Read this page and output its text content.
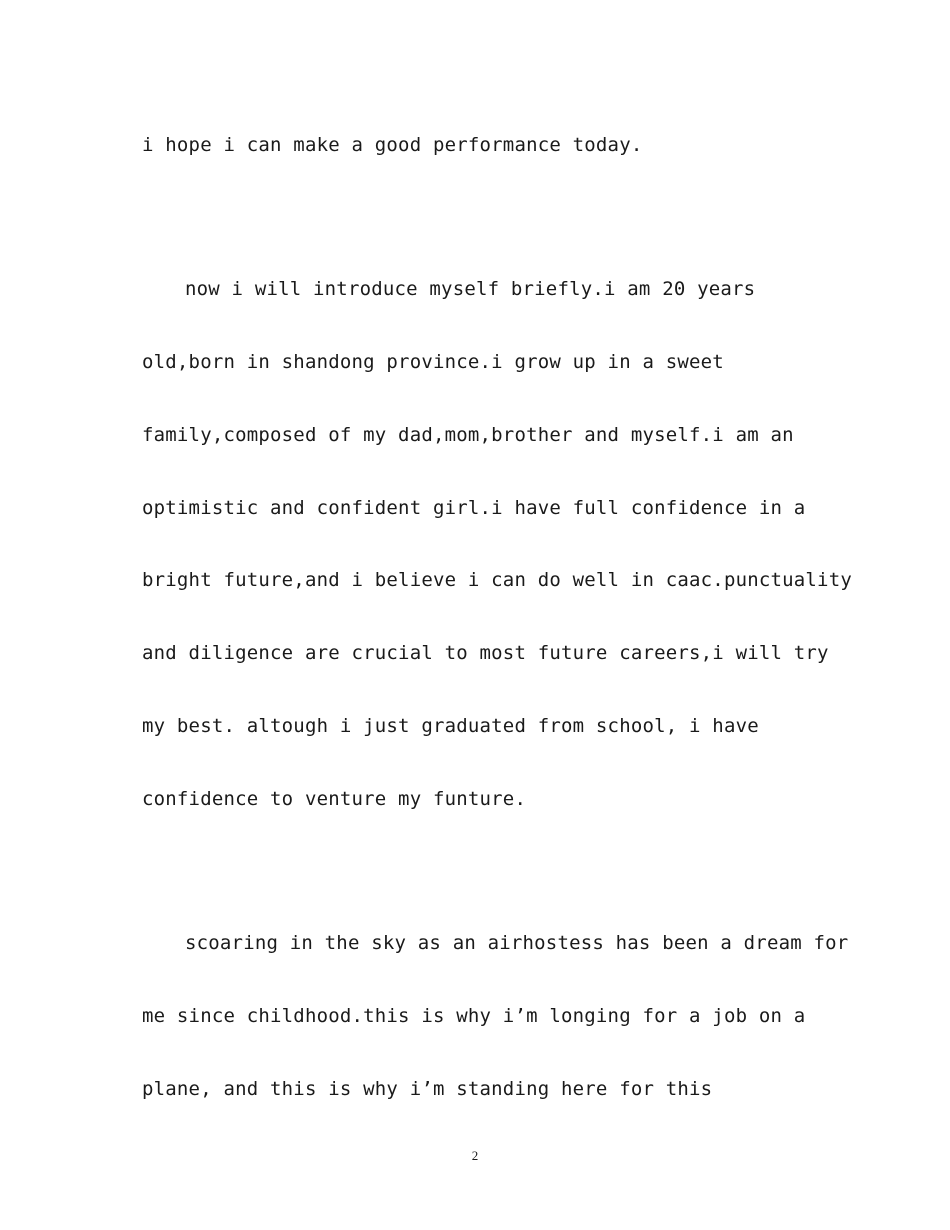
i hope i can make a good performance today.
now i will introduce myself briefly.i am 20 years
old,born in shandong province.i grow up in a sweet
family,composed of my dad,mom,brother and myself.i am an
optimistic and confident girl.i have full confidence in a
bright future,and i believe i can do well in caac.punctuality
and diligence are crucial to most future careers,i will try
my best. altough i just graduated from school, i have
confidence to venture my funture.
scoaring in the sky as an airhostess has been a dream for
me since childhood.this is why i’m longing for a job on a
plane, and this is why i’m standing here for this
2
